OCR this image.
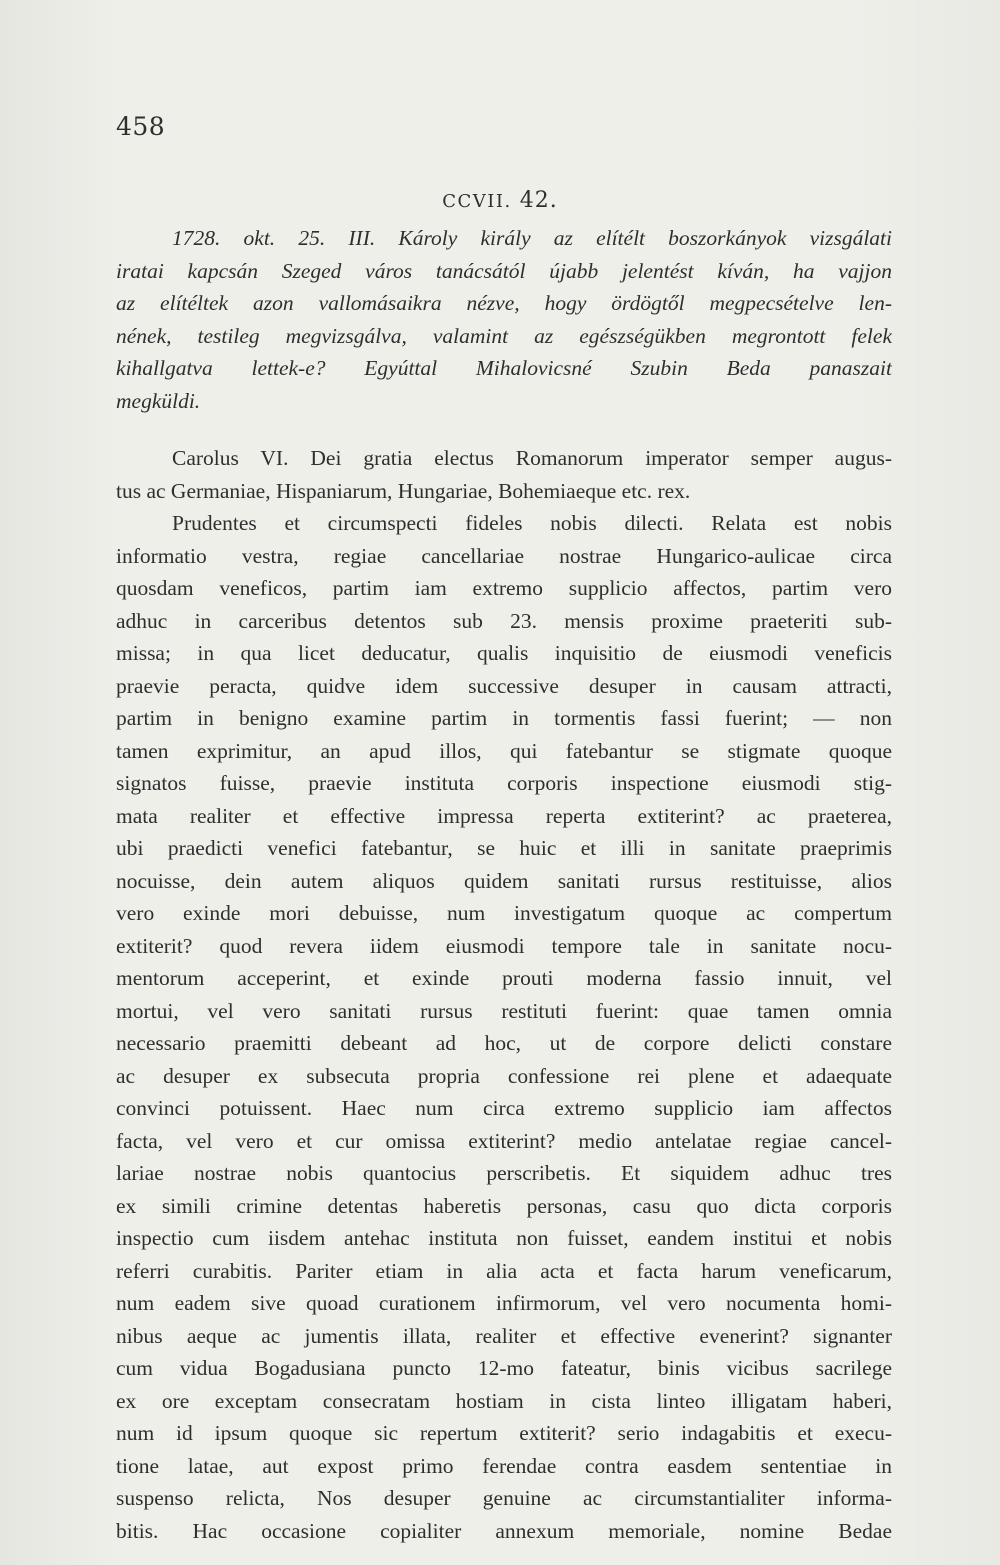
458
CCVII. 42.
1728. okt. 25. III. Károly király az elítélt boszorkányok vizsgálati
iratai kapcsán Szeged város tanácsától újabb jelentést kíván, ha vajjon
az elítéltek azon vallomásaikra nézve, hogy ördögtől megpecsételve len-
nének, testileg megvizsgálva, valamint az egészségükben megrontott felek
kihallgatva lettek-e? Egyúttal Mihalovicsné Szubin Beda panaszait
megküldi.
Carolus VI. Dei gratia electus Romanorum imperator semper augus-
tus ac Germaniae, Hispaniarum, Hungariae, Bohemiaeque etc. rex.
Prudentes et circumspecti fideles nobis dilecti. Relata est nobis
informatio vestra, regiae cancellariae nostrae Hungarico-aulicae circa
quosdam veneficos, partim iam extremo supplicio affectos, partim vero
adhuc in carceribus detentos sub 23. mensis proxime praeteriti sub-
missa; in qua licet deducatur, qualis inquisitio de eiusmodi veneficis
praevie peracta, quidve idem successive desuper in causam attracti,
partim in benigno examine partim in tormentis fassi fuerint; — non
tamen exprimitur, an apud illos, qui fatebantur se stigmate quoque
signatos fuisse, praevie instituta corporis inspectione eiusmodi stig-
mata realiter et effective impressa reperta extiterint? ac praeterea,
ubi praedicti venefici fatebantur, se huic et illi in sanitate praeprimis
nocuisse, dein autem aliquos quidem sanitati rursus restituisse, alios
vero exinde mori debuisse, num investigatum quoque ac compertum
extiterit? quod revera iidem eiusmodi tempore tale in sanitate nocu-
mentorum acceperint, et exinde prouti moderna fassio innuit, vel
mortui, vel vero sanitati rursus restituti fuerint: quae tamen omnia
necessario praemitti debeant ad hoc, ut de corpore delicti constare
ac desuper ex subsecuta propria confessione rei plene et adaequate
convinci potuissent. Haec num circa extremo supplicio iam affectos
facta, vel vero et cur omissa extiterint? medio antelatae regiae cancel-
lariae nostrae nobis quantocius perscribetis. Et siquidem adhuc tres
ex simili crimine detentas haberetis personas, casu quo dicta corporis
inspectio cum iisdem antehac instituta non fuisset, eandem institui et nobis
referri curabitis. Pariter etiam in alia acta et facta harum veneficarum,
num eadem sive quoad curationem infirmorum, vel vero nocumenta homi-
nibus aeque ac jumentis illata, realiter et effective evenerint? signanter
cum vidua Bogadusiana puncto 12-mo fateatur, binis vicibus sacrilege
ex ore exceptam consecratam hostiam in cista linteo illigatam haberi,
num id ipsum quoque sic repertum extiterit? serio indagabitis et execu-
tione latae, aut expost primo ferendae contra easdem sententiae in
suspenso relicta, Nos desuper genuine ac circumstantialiter informa-
bitis. Hac occasione copialiter annexum memoriale, nomine Bedae
